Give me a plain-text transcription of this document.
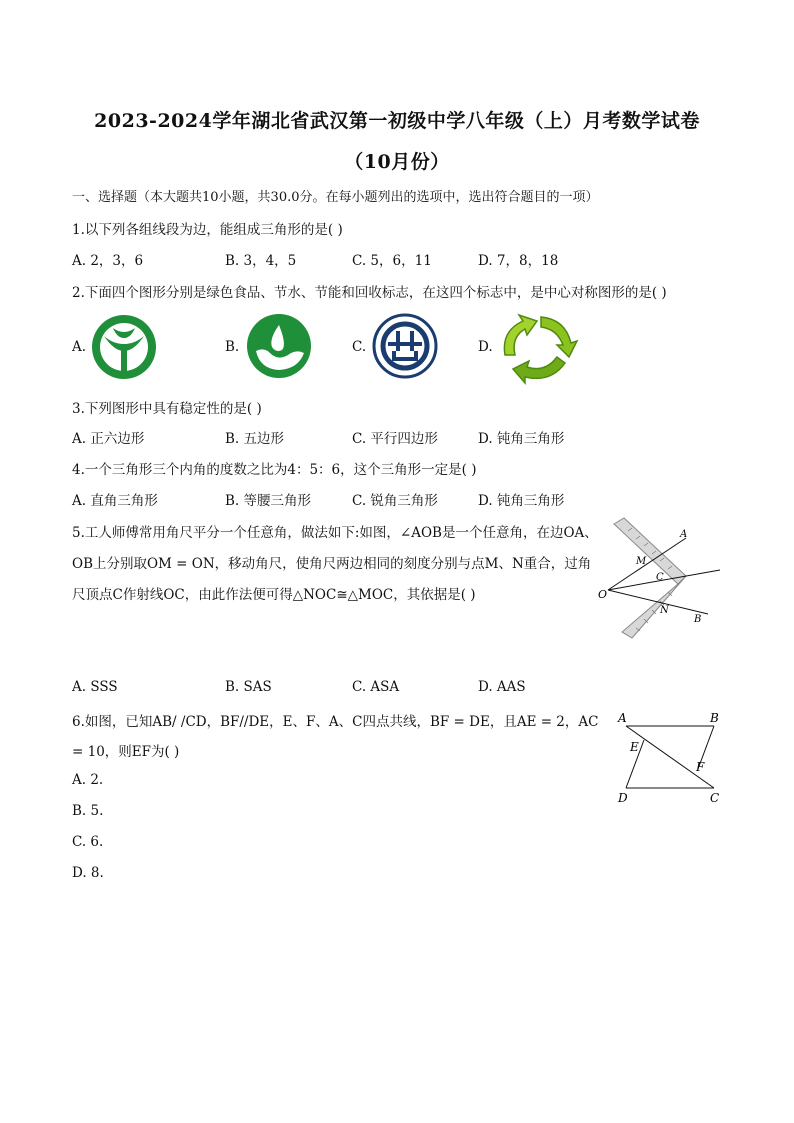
2023-2024学年湖北省武汉第一初级中学八年级（上）月考数学试卷
（10月份）
一、选择题（本大题共10小题，共30.0分。在每小题列出的选项中，选出符合题目的一项）
1.以下列各组线段为边，能组成三角形的是( )
A. 2，3，6	B. 3，4，5	C. 5，6，11	D. 7，8，18
2.下面四个图形分别是绿色食品、节水、节能和回收标志，在这四个标志中，是中心对称图形的是( )
A.	B.	C.	D.
3.下列图形中具有稳定性的是( )
A. 正六边形	B. 五边形	C. 平行四边形	D. 钝角三角形
4.一个三角形三个内角的度数之比为4：5：6，这个三角形一定是( )
A. 直角三角形	B. 等腰三角形	C. 锐角三角形	D. 钝角三角形
5.工人师傅常用角尺平分一个任意角，做法如下:如图，∠AOB是一个任意角，在边OA、
OB上分别取OM = ON，移动角尺，使角尺两边相同的刻度分别与点M、N重合，过角
尺顶点C作射线OC，由此作法便可得△NOC≅△MOC，其依据是( )	O
A
B
M
N
C
A. SSS	B. SAS	C. ASA	D. AAS
6.如图，已知AB/ /CD，BF//DE，E、F、A、C四点共线，BF = DE，且AE = 2，AC
= 10，则EF为( )
A	B
C
D
E
F
A. 2.
B. 5.
C. 6.
D. 8.
